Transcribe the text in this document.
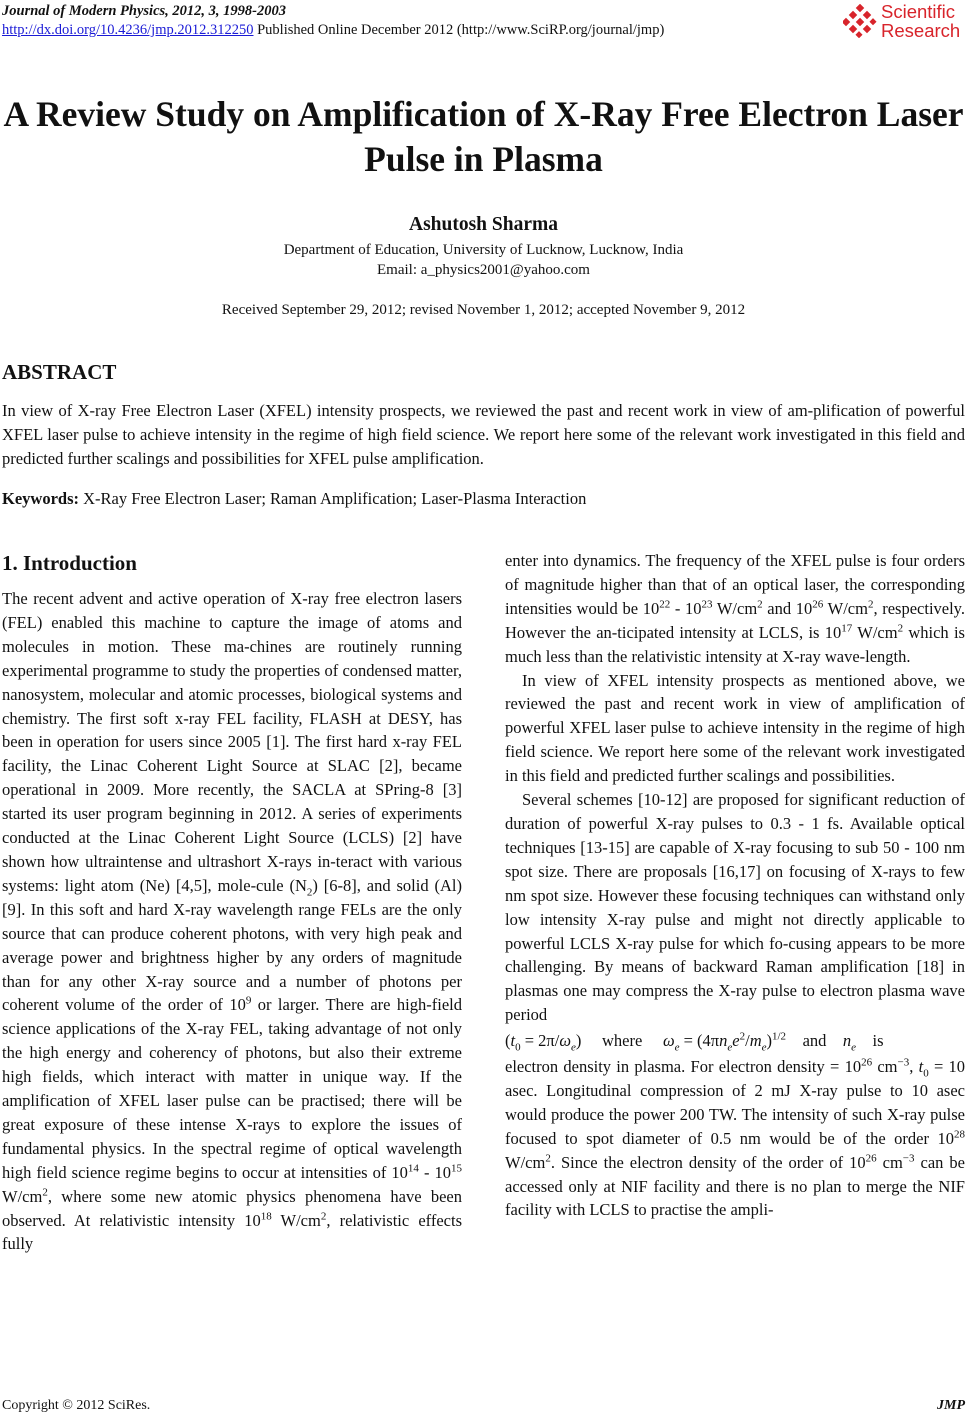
Journal of Modern Physics, 2012, 3, 1998-2003
http://dx.doi.org/10.4236/jmp.2012.312250 Published Online December 2012 (http://www.SciRP.org/journal/jmp)
Scientific
Research
A Review Study on Amplification of X-Ray Free Electron Laser Pulse in Plasma
Ashutosh Sharma
Department of Education, University of Lucknow, Lucknow, India
Email: a_physics2001@yahoo.com
Received September 29, 2012; revised November 1, 2012; accepted November 9, 2012
ABSTRACT
In view of X-ray Free Electron Laser (XFEL) intensity prospects, we reviewed the past and recent work in view of am-plification of powerful XFEL laser pulse to achieve intensity in the regime of high field science. We report here some of the relevant work investigated in this field and predicted further scalings and possibilities for XFEL pulse amplification.
Keywords: X-Ray Free Electron Laser; Raman Amplification; Laser-Plasma Interaction
1. Introduction

The recent advent and active operation of X-ray free electron lasers (FEL) enabled this machine to capture the image of atoms and molecules in motion. These ma-chines are routinely running experimental programme to study the properties of condensed matter, nanosystem, molecular and atomic processes, biological systems and chemistry. The first soft x-ray FEL facility, FLASH at DESY, has been in operation for users since 2005 [1]. The first hard x-ray FEL facility, the Linac Coherent Light Source at SLAC [2], became operational in 2009. More recently, the SACLA at SPring-8 [3] started its user program beginning in 2012. A series of experiments conducted at the Linac Coherent Light Source (LCLS) [2] have shown how ultraintense and ultrashort X-rays in-teract with various systems: light atom (Ne) [4,5], mole-cule $(N_2)$ [6-8], and solid (Al) [9]. In this soft and hard X-ray wavelength range FELs are the only source that can produce coherent photons, with very high peak and average power and brightness higher by any orders of magnitude than for any other X-ray source and a number of photons per coherent volume of the order of $10^9$ or larger. There are high-field science applications of the X-ray FEL, taking advantage of not only the high energy and coherency of photons, but also their extreme high fields, which interact with matter in unique way. If the amplification of XFEL laser pulse can be practised; there will be great exposure of these intense X-rays to explore the issues of fundamental physics. In the spectral regime of optical wavelength high field science regime begins to occur at intensities of $10^{14} - 10^{15}$ $W/cm^2$, where some new atomic physics phenomena have been observed. At relativistic intensity $10^{18}$ $W/cm^2$, relativistic effects fully

enter into dynamics. The frequency of the XFEL pulse is four orders of magnitude higher than that of an optical laser, the corresponding intensities would be $10^{22} - 10^{23}$ $W/cm^2$ and $10^{26}$ $W/cm^2$, respectively. However the an-ticipated intensity at LCLS, is $10^{17}$ $W/cm^2$ which is much less than the relativistic intensity at X-ray wave-length.

In view of XFEL intensity prospects as mentioned above, we reviewed the past and recent work in view of amplification of powerful XFEL laser pulse to achieve intensity in the regime of high field science. We report here some of the relevant work investigated in this field and predicted further scalings and possibilities.

Several schemes [10-12] are proposed for significant reduction of duration of powerful X-ray pulses to 0.3 - 1 fs. Available optical techniques [13-15] are capable of X-ray focusing to sub 50 - 100 nm spot size. There are proposals [16,17] on focusing of X-rays to few nm spot size. However these focusing techniques can withstand only low intensity X-ray pulse and might not directly applicable to powerful LCLS X-ray pulse for which fo-cusing appears to be more challenging. By means of backward Raman amplification [18] in plasmas one may compress the X-ray pulse to electron plasma wave period

$(t_0 = 2\pi/\omega_e)$     where $\omega_e = (4\pi n_ee^2/m_e)^{1/2}$ and $n_e$ is

electron density in plasma. For electron density = $10^{26}$ $cm^{-3}$, $t_0 = 10$ asec. Longitudinal compression of 2 mJ X-ray pulse to 10 asec would produce the power 200 TW. The intensity of such X-ray pulse focused to spot diameter of 0.5 nm would be of the order $10^{28}$ $W/cm^2$. Since the electron density of the order of $10^{26}$ $cm^{-3}$ can be accessed only at NIF facility and there is no plan to merge the NIF facility with LCLS to practise the ampli-

Copyright © 2012 SciRes.	JMP
